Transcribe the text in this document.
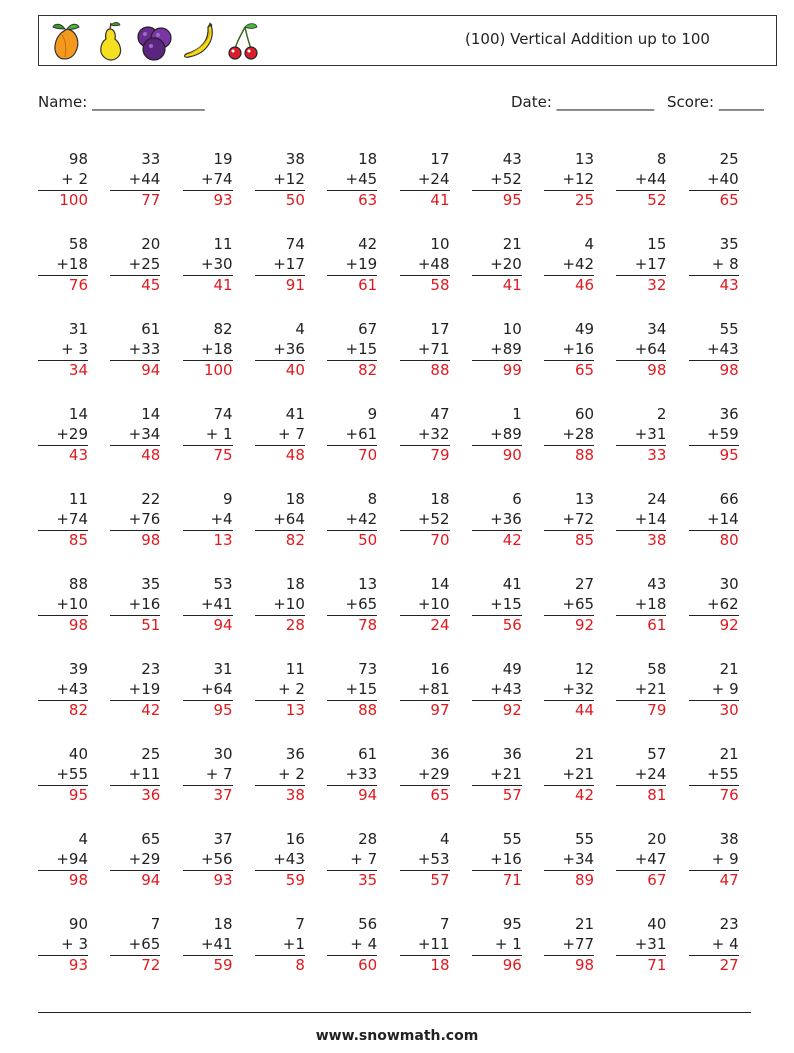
(100) Vertical Addition up to 100
Name: _______________	Date: _____________ Score: ______
98
+ 2
100
33
+44
77
19
+74
93
38
+12
50
18
+45
63
17
+24
41
43
+52
95
13
+12
25
8
+44
52
25
+40
65
58
+18
76
20
+25
45
11
+30
41
74
+17
91
42
+19
61
10
+48
58
21
+20
41
4
+42
46
15
+17
32
35
+ 8
43
31
+ 3
34
61
+33
94
82
+18
100
4
+36
40
67
+15
82
17
+71
88
10
+89
99
49
+16
65
34
+64
98
55
+43
98
14
+29
43
14
+34
48
74
+ 1
75
41
+ 7
48
9
+61
70
47
+32
79
1
+89
90
60
+28
88
2
+31
33
36
+59
95
11
+74
85
22
+76
98
9
+4
13
18
+64
82
8
+42
50
18
+52
70
6
+36
42
13
+72
85
24
+14
38
66
+14
80
88
+10
98
35
+16
51
53
+41
94
18
+10
28
13
+65
78
14
+10
24
41
+15
56
27
+65
92
43
+18
61
30
+62
92
39
+43
82
23
+19
42
31
+64
95
11
+ 2
13
73
+15
88
16
+81
97
49
+43
92
12
+32
44
58
+21
79
21
+ 9
30
40
+55
95
25
+11
36
30
+ 7
37
36
+ 2
38
61
+33
94
36
+29
65
36
+21
57
21
+21
42
57
+24
81
21
+55
76
4
+94
98
65
+29
94
37
+56
93
16
+43
59
28
+ 7
35
4
+53
57
55
+16
71
55
+34
89
20
+47
67
38
+ 9
47
90
+ 3
93
7
+65
72
18
+41
59
7
+1
8
56
+ 4
60
7
+11
18
95
+ 1
96
21
+77
98
40
+31
71
23
+ 4
27
www.snowmath.com
